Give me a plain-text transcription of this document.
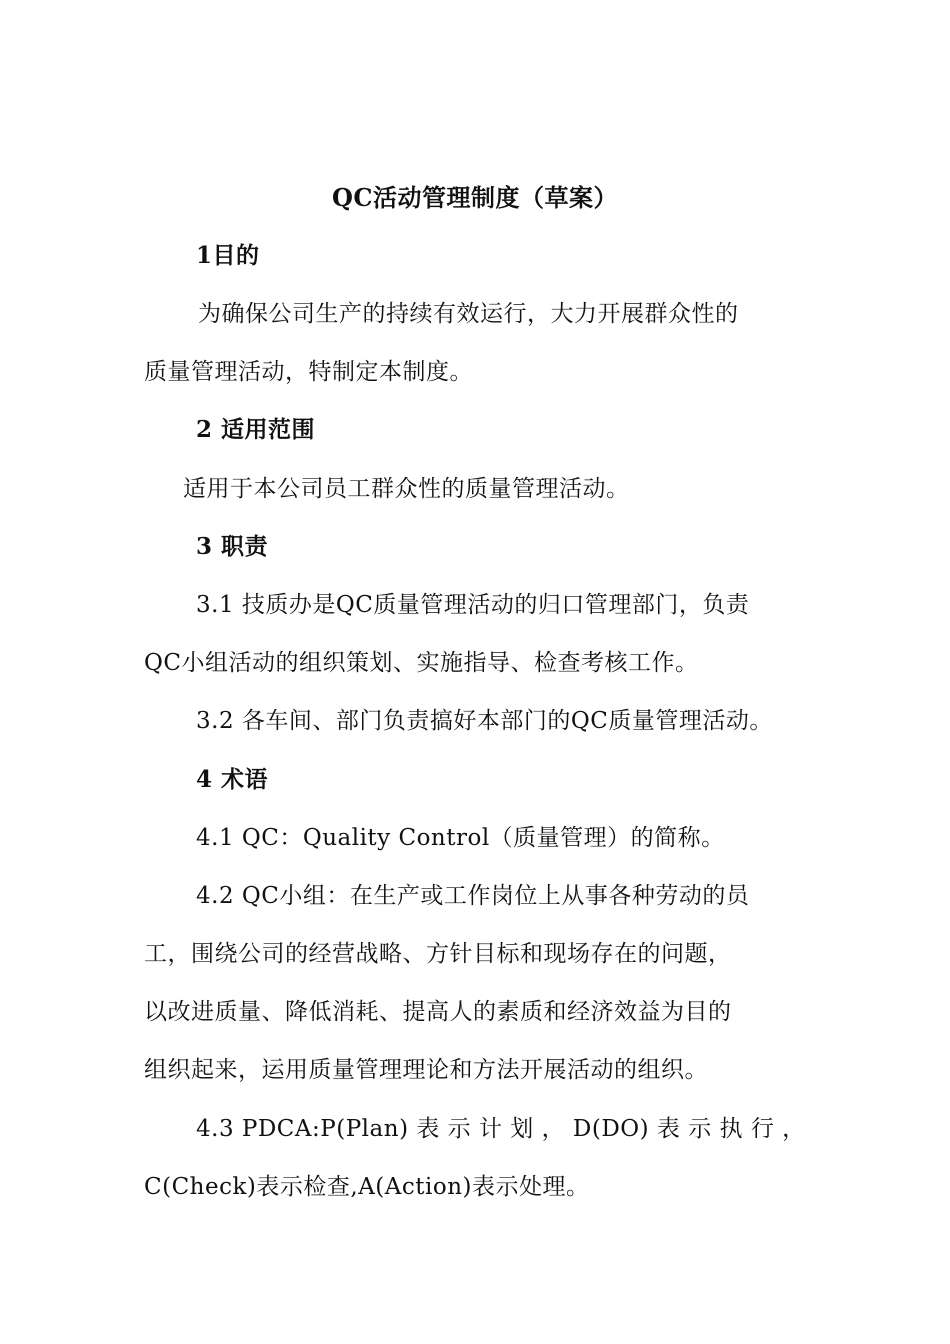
QC活动管理制度（草案）
1目的
为确保公司生产的持续有效运行，大力开展群众性的
质量管理活动，特制定本制度。
2 适用范围
适用于本公司员工群众性的质量管理活动。
3 职责
3.1 技质办是QC质量管理活动的归口管理部门，负责
QC小组活动的组织策划、实施指导、检查考核工作。
3.2 各车间、部门负责搞好本部门的QC质量管理活动。
4 术语
4.1 QC：Quality Control（质量管理）的简称。
4.2 QC小组：在生产或工作岗位上从事各种劳动的员
工，围绕公司的经营战略、方针目标和现场存在的问题，
以改进质量、降低消耗、提高人的素质和经济效益为目的
组织起来，运用质量管理理论和方法开展活动的组织。
4.3 PDCA:P(Plan) 表 示 计 划 ， D(DO) 表 示 执 行 ，
C(Check)表示检查,A(Action)表示处理。
